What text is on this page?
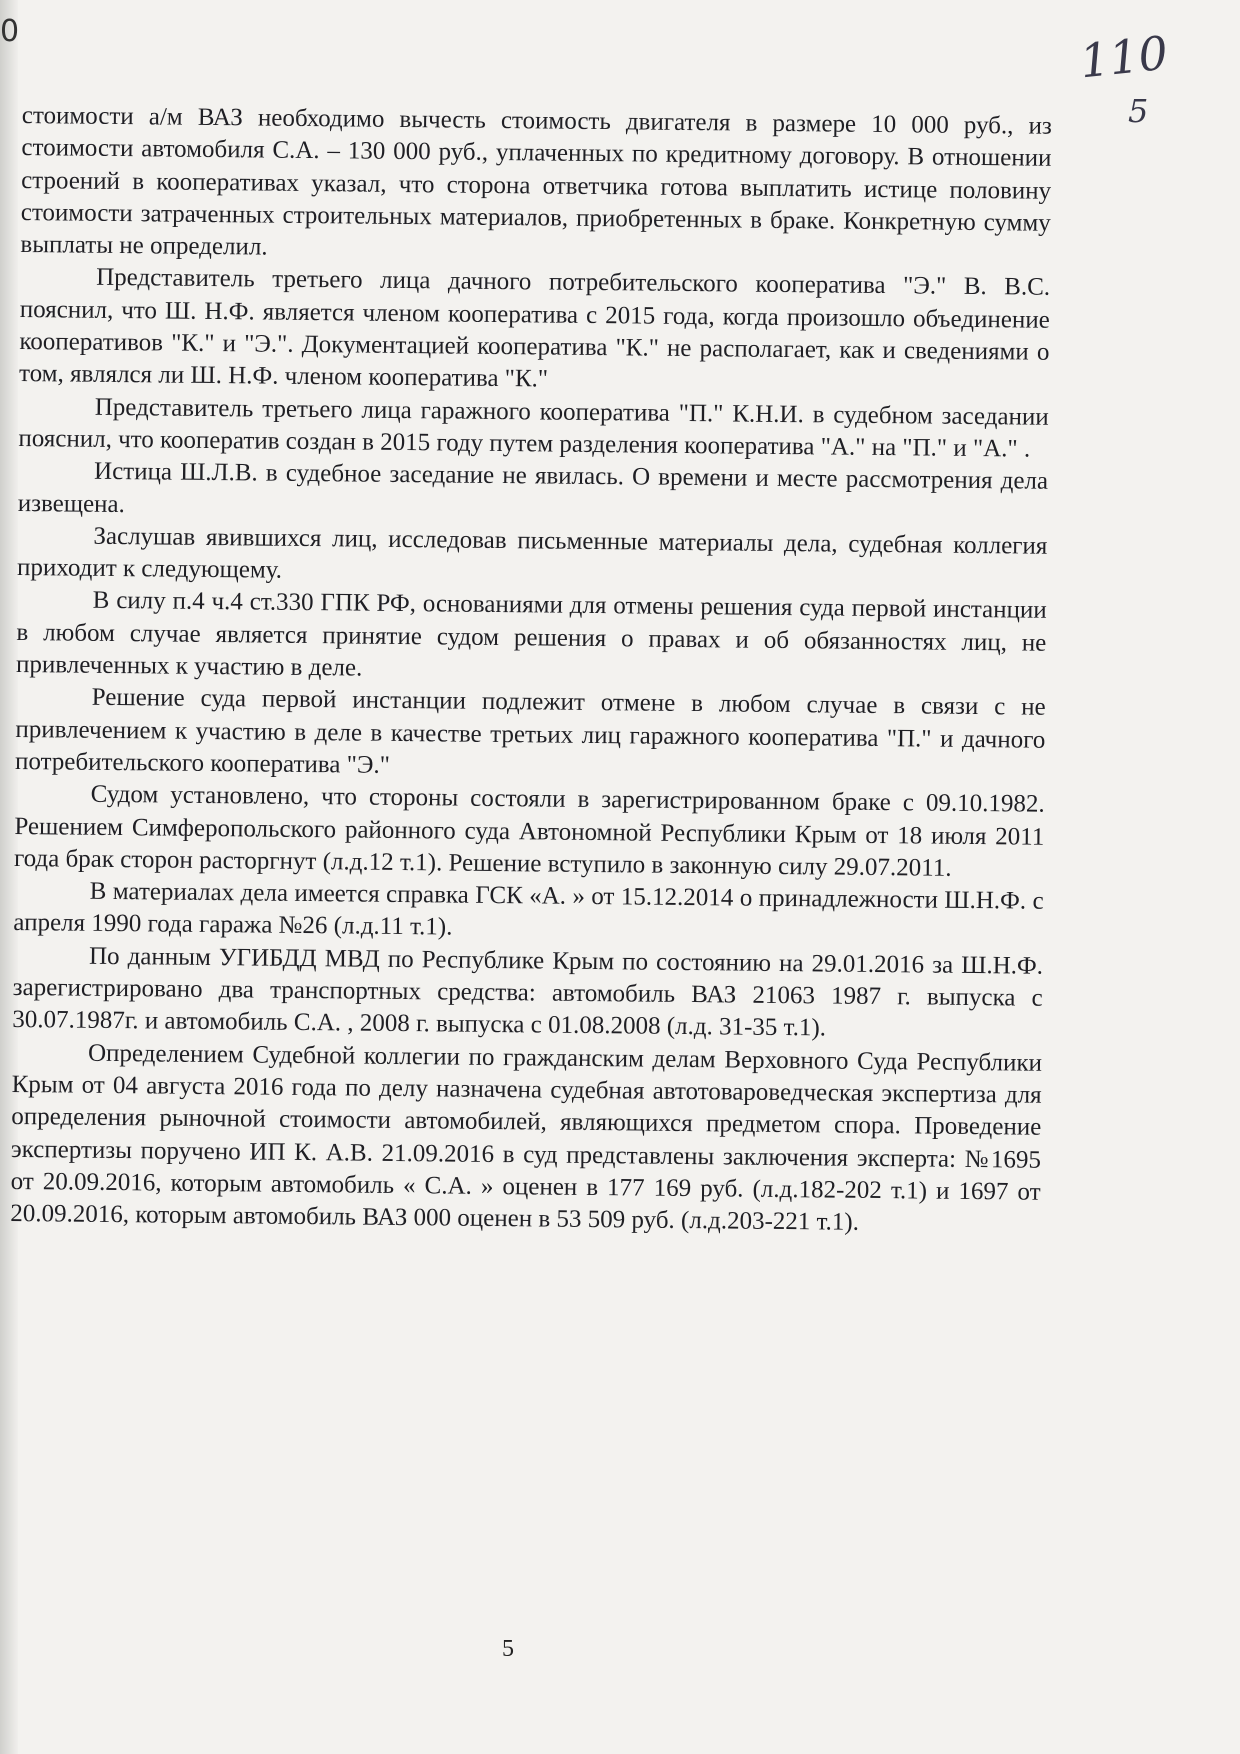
0	110
5

стоимости а/м ВАЗ необходимо вычесть стоимость двигателя в размере 10 000 руб., из стоимости автомобиля С.А. – 130 000 руб., уплаченных по кредитному договору. В отношении строений в кооперативах указал, что сторона ответчика готова выплатить истице половину стоимости затраченных строительных материалов, приобретенных в браке. Конкретную сумму выплаты не определил.

Представитель третьего лица дачного потребительского кооператива "Э." В. В.С. пояснил, что Ш. Н.Ф. является членом кооператива с 2015 года, когда произошло объединение кооперативов "К." и "Э.". Документацией кооператива "К." не располагает, как и сведениями о том, являлся ли Ш. Н.Ф. членом кооператива "К."

Представитель третьего лица гаражного кооператива "П." К.Н.И. в судебном заседании пояснил, что кооператив создан в 2015 году путем разделения кооператива "А." на "П." и "А." .

Истица Ш.Л.В. в судебное заседание не явилась. О времени и месте рассмотрения дела извещена.

Заслушав явившихся лиц, исследовав письменные материалы дела, судебная коллегия приходит к следующему.

В силу п.4 ч.4 ст.330 ГПК РФ, основаниями для отмены решения суда первой инстанции в любом случае является принятие судом решения о правах и об обязанностях лиц, не привлеченных к участию в деле.

Решение суда первой инстанции подлежит отмене в любом случае в связи с не привлечением к участию в деле в качестве третьих лиц гаражного кооператива "П." и дачного потребительского кооператива "Э."

Судом установлено, что стороны состояли в зарегистрированном браке с 09.10.1982. Решением Симферопольского районного суда Автономной Республики Крым от 18 июля 2011 года брак сторон расторгнут (л.д.12 т.1). Решение вступило в законную силу 29.07.2011.

В материалах дела имеется справка ГСК «А. » от 15.12.2014 о принадлежности Ш.Н.Ф. с апреля 1990 года гаража №26 (л.д.11 т.1).

По данным УГИБДД МВД по Республике Крым по состоянию на 29.01.2016 за Ш.Н.Ф. зарегистрировано два транспортных средства: автомобиль ВАЗ 21063 1987 г. выпуска с 30.07.1987г. и автомобиль С.А. , 2008 г. выпуска с 01.08.2008 (л.д. 31-35 т.1).

Определением Судебной коллегии по гражданским делам Верховного Суда Республики Крым от 04 августа 2016 года по делу назначена судебная автотовароведческая экспертиза для определения рыночной стоимости автомобилей, являющихся предметом спора. Проведение экспертизы поручено ИП К. А.В. 21.09.2016 в суд представлены заключения эксперта: №1695 от 20.09.2016, которым автомобиль « С.А. » оценен в 177 169 руб. (л.д.182-202 т.1) и 1697 от 20.09.2016, которым автомобиль ВАЗ 000 оценен в 53 509 руб. (л.д.203-221 т.1).

5
